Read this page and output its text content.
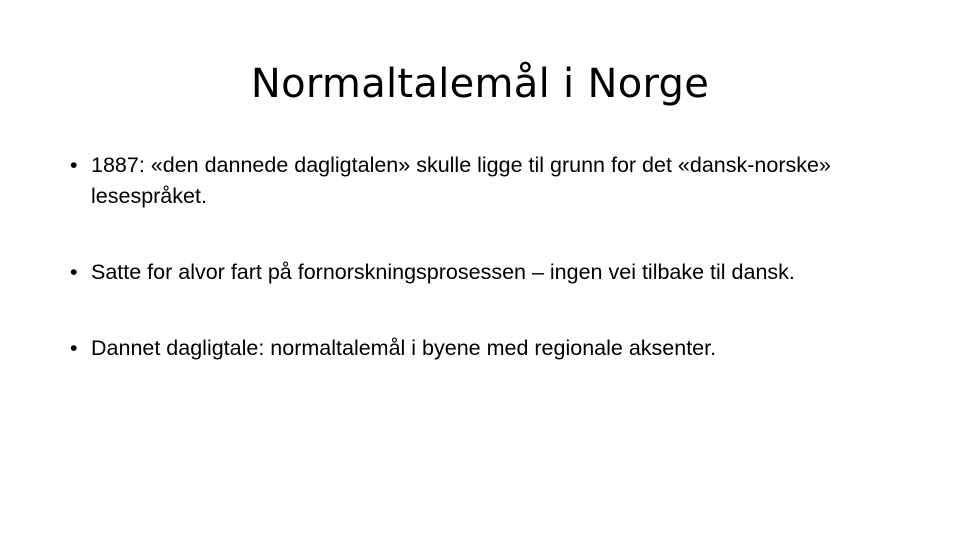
Normaltalemål i Norge
• 1887: «den dannede dagligtalen» skulle ligge til grunn for det «dansk-norske» lesespråket.
• Satte for alvor fart på fornorskningsprosessen – ingen vei tilbake til dansk.
• Dannet dagligtale: normaltalemål i byene med regionale aksenter.
